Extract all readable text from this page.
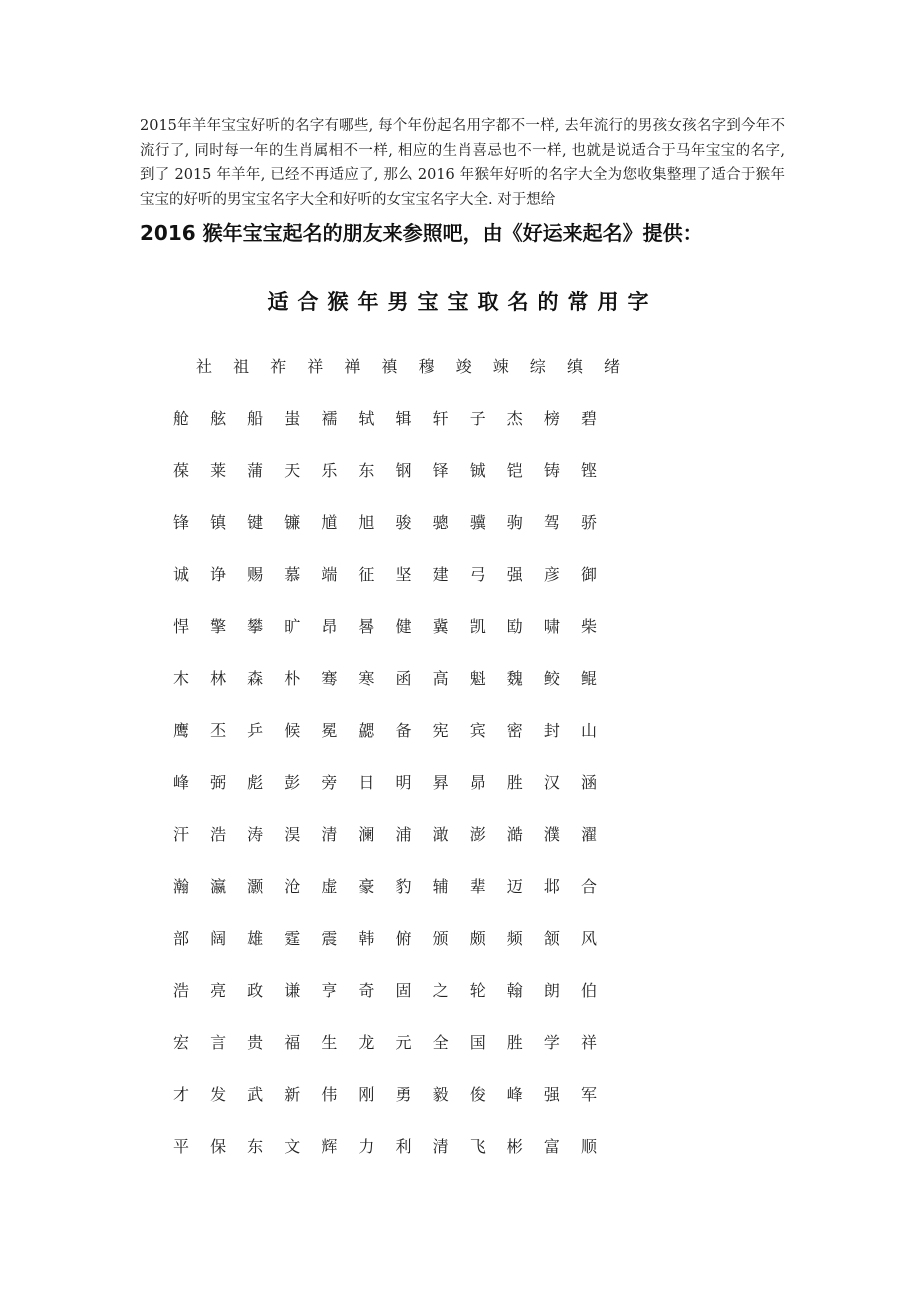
2015年羊年宝宝好听的名字有哪些, 每个年份起名用字都不一样, 去年流行的男孩女孩名字到今年不流行了, 同时每一年的生肖属相不一样, 相应的生肖喜忌也不一样, 也就是说适合于马年宝宝的名字, 到了 2015 年羊年, 已经不再适应了, 那么 2016 年猴年好听的名字大全为您收集整理了适合于猴年宝宝的好听的男宝宝名字大全和好听的女宝宝名字大全. 对于想给

2016 猴年宝宝起名的朋友来参照吧，由《好运来起名》提供：
适合猴年男宝宝取名的常用字
社 祖 祚 祥 禅 禛 穆 竣 竦 综 缜 绪
舱 舷 船 蚩 襦 轼 辑 轩 子 杰 榜 碧
葆 莱 蒲 天 乐 东 钢 铎 铖 铠 铸 铿
锋 镇 键 镰 馗 旭 骏 骢 骥 驹 驾 骄
诚 诤 赐 慕 端 征 坚 建 弓 强 彦 御
悍 擎 攀 旷 昂 晷 健 冀 凯 劻 啸 柴
木 林 森 朴 骞 寒 函 高 魁 魏 鲛 鲲
鹰 丕 乒 候 冕 勰 备 宪 宾 密 封 山
峰 弼 彪 彭 旁 日 明 昪 昴 胜 汉 涵
汗 浩 涛 淏 清 澜 浦 澉 澎 澔 濮 濯
瀚 瀛 灏 沧 虚 豪 豹 辅 辈 迈 邶 合
部 阔 雄 霆 震 韩 俯 颁 颇 频 颔 风
浩 亮 政 谦 亨 奇 固 之 轮 翰 朗 伯
宏 言 贵 福 生 龙 元 全 国 胜 学 祥
才 发 武 新 伟 刚 勇 毅 俊 峰 强 军
平 保 东 文 辉 力 利 清 飞 彬 富 顺
